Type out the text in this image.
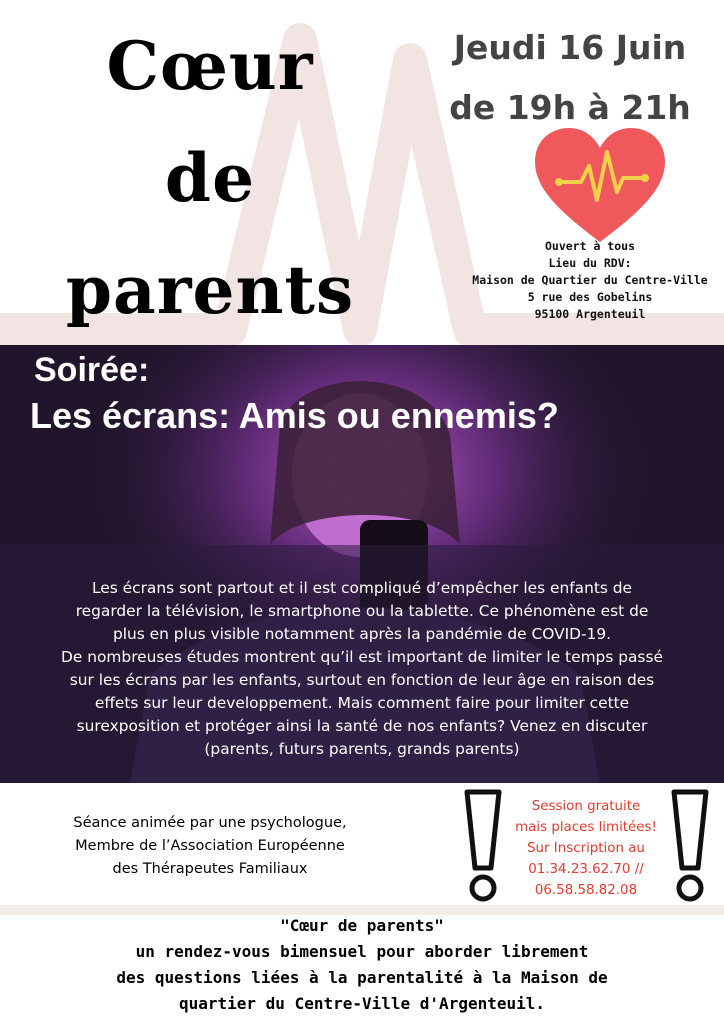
Cœur
de
parents
Jeudi 16 Juin
de 19h à 21h
Ouvert à tous
Lieu du RDV:
Maison de Quartier du Centre-Ville
5 rue des Gobelins
95100 Argenteuil
Soirée:
Les écrans: Amis ou ennemis?
Les écrans sont partout et il est compliqué d’empêcher les enfants de
regarder la télévision, le smartphone ou la tablette. Ce phénomène est de
plus en plus visible notamment après la pandémie de COVID-19.
De nombreuses études montrent qu’il est important de limiter le temps passé
sur les écrans par les enfants, surtout en fonction de leur âge en raison des
effets sur leur developpement. Mais comment faire pour limiter cette
surexposition et protéger ainsi la santé de nos enfants? Venez en discuter
(parents, futurs parents, grands parents)
Séance animée par une psychologue,
Membre de l’Association Européenne
des Thérapeutes Familiaux
Session gratuite
mais places limitées!
Sur Inscription au
01.34.23.62.70 //
06.58.58.82.08
"Cœur de parents"
un rendez-vous bimensuel pour aborder librement
des questions liées à la parentalité à la Maison de
quartier du Centre-Ville d'Argenteuil.
